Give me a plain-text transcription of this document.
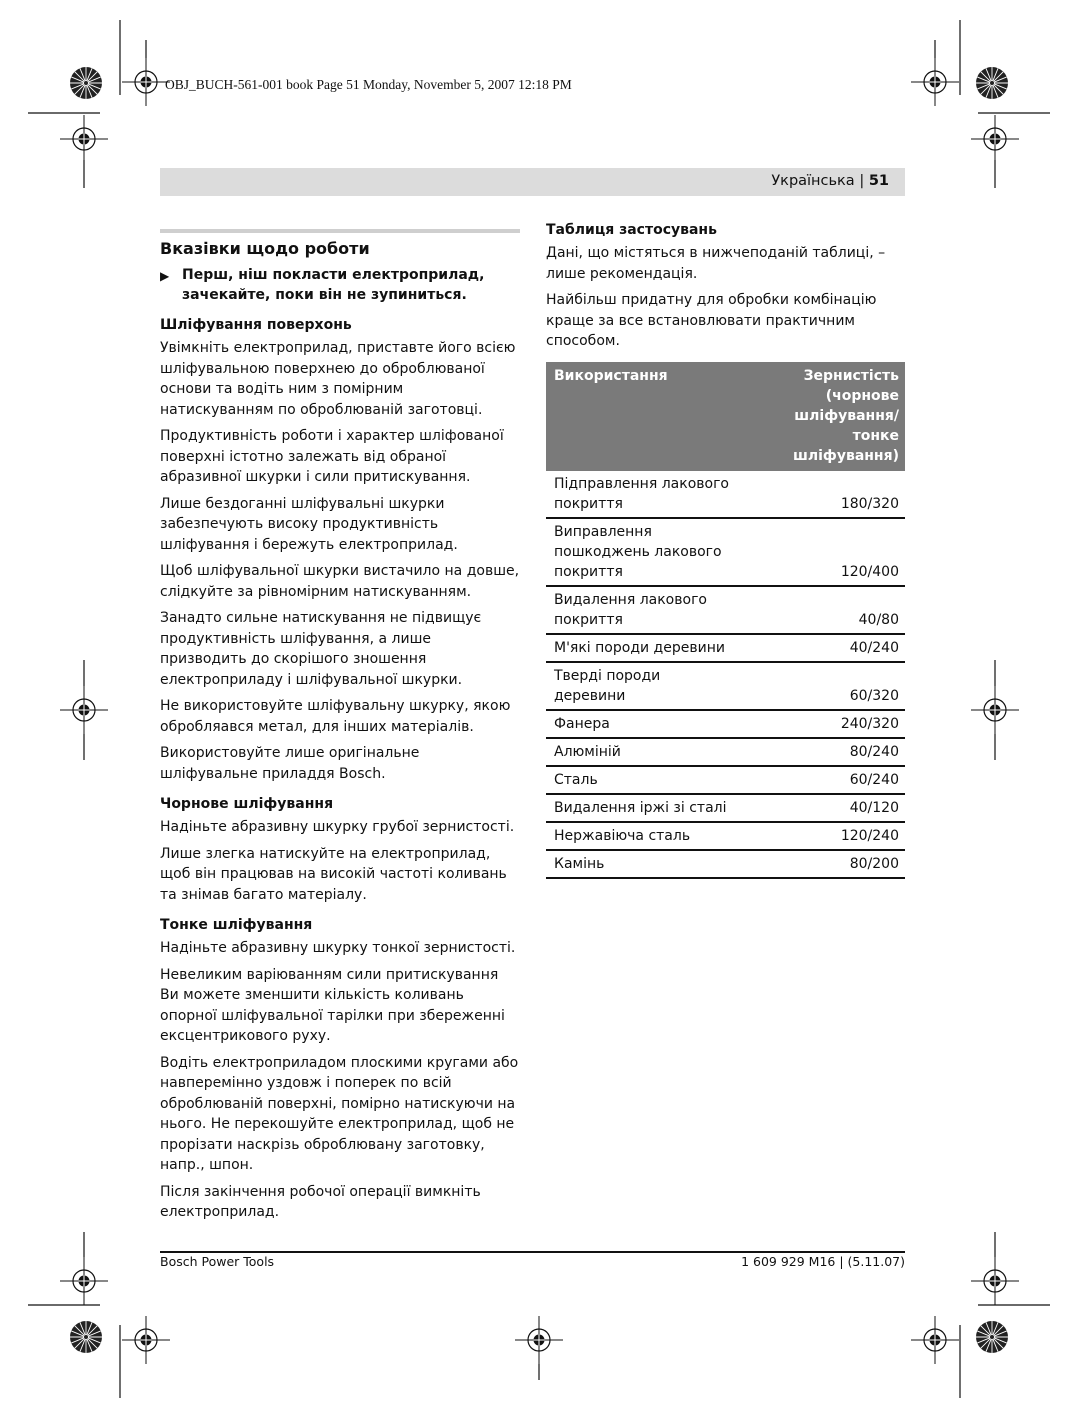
OBJ_BUCH-561-001 book Page 51 Monday, November 5, 2007 12:18 PM
Українська | 51
Вказівки щодо роботи
▶ Перш, ніш покласти електроприлад, зачекайте, поки він не зупиниться.
Шліфування поверхонь

Увімкніть електроприлад, приставте його всією шліфувальною поверхнею до оброблюваної основи та водіть ним з помірним натискуванням по оброблюваній заготовці.

Продуктивність роботи і характер шліфованої поверхні істотно залежать від обраної абразивної шкурки і сили притискування.

Лише бездоганні шліфувальні шкурки забезпечують високу продуктивність шліфування і бережуть електроприлад.

Щоб шліфувальної шкурки вистачило на довше, слідкуйте за рівномірним натискуванням.

Занадто сильне натискування не підвищує продуктивність шліфування, а лише призводить до скорішого зношення електроприладу і шліфувальної шкурки.

Не використовуйте шліфувальну шкурку, якою обробляався метал, для інших матеріалів.

Використовуйте лише оригінальне шліфувальне приладдя Bosch.

Чорнове шліфування

Надіньте абразивну шкурку грубої зернистості.

Лише злегка натискуйте на електроприлад, щоб він працював на високій частоті коливань та знімав багато матеріалу.

Тонке шліфування

Надіньте абразивну шкурку тонкої зернистості.

Невеликим варіюванням сили притискування Ви можете зменшити кількість коливань опорної шліфувальної тарілки при збереженні ексцентрикового руху.

Водіть електроприладом плоскими кругами або навперемінно уздовж і поперек по всій оброблюваній поверхні, помірно натискуючи на нього. Не перекошуйте електроприлад, щоб не прорізати наскрізь оброблювану заготовку, напр., шпон.

Після закінчення робочої операції вимкніть електроприлад.

Таблиця застосувань

Дані, що містяться в нижчеподаній таблиці, – лише рекомендація.

Найбільш придатну для обробки комбінацію краще за все встановлювати практичним способом.

Використання	Зернистість (чорнове шліфування/ тонке шліфування)
Підправлення лакового покриття	180/320
Виправлення пошкоджень лакового покриття	120/400
Видалення лакового покриття	40/80
М'які породи деревини	40/240
Тверді породи деревини	60/320
Фанера	240/320
Алюміній	80/240
Сталь	60/240
Видалення іржі зі сталі	40/120
Нержавіюча сталь	120/240
Камінь	80/200
Bosch Power Tools	1 609 929 M16 | (5.11.07)
